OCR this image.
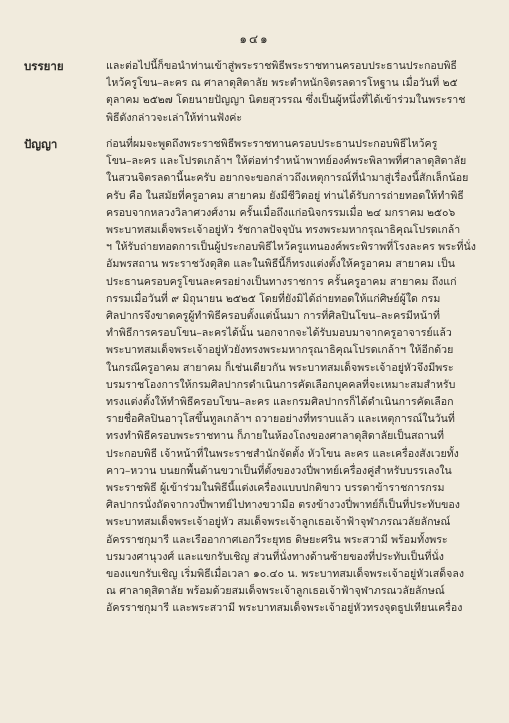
๑๔๑
บรรยาย	และต่อไปนี้ก็ขอนำท่านเข้าสู่พระราชพิธีพระราชทานครอบประธานประกอบพิธี
ไหว้ครูโขน–ละคร ณ ศาลาดุสิดาลัย พระตำหนักจิตรลดารโหฐาน เมื่อวันที่ ๒๕
ตุลาคม ๒๕๒๗ โดยนายปัญญา นิตยสุวรรณ ซึ่งเป็นผู้หนึ่งที่ได้เข้าร่วมในพระราช
พิธีดังกล่าวจะเล่าให้ท่านฟังค่ะ
ปัญญา	ก่อนที่ผมจะพูดถึงพระราชพิธีพระราชทานครอบประธานประกอบพิธีไหว้ครู
โขน–ละคร และโปรดเกล้าฯ ให้ต่อท่ารำหน้าพาทย์องค์พระพิลาพที่ศาลาดุสิดาลัย
ในสวนจิตรลดานี้นะครับ อยากจะขอกล่าวถึงเหตุการณ์ที่นำมาสู่เรื่องนี้สักเล็กน้อย
ครับ คือ ในสมัยที่ครูอาคม สายาคม ยังมีชีวิตอยู่ ท่านได้รับการถ่ายทอดให้ทำพิธี
ครอบจากหลวงวิลาศวงศ์งาม ครั้นเมื่อถึงแก่อนิจกรรมเมื่อ ๒๔ มกราคม ๒๕๐๖
พระบาทสมเด็จพระเจ้าอยู่หัว รัชกาลปัจจุบัน ทรงพระมหากรุณาธิคุณโปรดเกล้า
ฯ ให้รับถ่ายทอดการเป็นผู้ประกอบพิธีไหว้ครูแทนองค์พระพิราพที่โรงละคร พระที่นั่ง
อัมพรสถาน พระราชวังดุสิต และในพิธีนี้ก็ทรงแต่งตั้งให้ครูอาคม สายาคม เป็น
ประธานครอบครูโขนละครอย่างเป็นทางราชการ ครั้นครูอาคม สายาคม ถึงแก่
กรรมเมื่อวันที่ ๙ มิถุนายน ๒๕๒๕ โดยที่ยังมิได้ถ่ายทอดให้แก่ศิษย์ผู้ใด กรม
ศิลปากรจึงขาดครูผู้ทำพิธีครอบตั้งแต่นั้นมา การที่ศิลปินโขน–ละครมีหน้าที่
ทำพิธีการครอบโขน–ละครได้นั้น นอกจากจะได้รับมอบมาจากครูอาจารย์แล้ว
พระบาทสมเด็จพระเจ้าอยู่หัวยังทรงพระมหากรุณาธิคุณโปรดเกล้าฯ ให้อีกด้วย
ในกรณีครูอาคม สายาคม ก็เช่นเดียวกัน พระบาทสมเด็จพระเจ้าอยู่หัวจึงมีพระ
บรมราชโองการให้กรมศิลปากรดำเนินการคัดเลือกบุคคลที่จะเหมาะสมสำหรับ
ทรงแต่งตั้งให้ทำพิธีครอบโขน–ละคร และกรมศิลปากรก็ได้ดำเนินการคัดเลือก
รายชื่อศิลปินอาวุโสขึ้นทูลเกล้าฯ ถวายอย่างที่ทราบแล้ว และเหตุการณ์ในวันที่
ทรงทำพิธีครอบพระราชทาน ก็ภายในห้องโถงของศาลาดุสิดาลัยเป็นสถานที่
ประกอบพิธี เจ้าหน้าที่ในพระราชสำนักจัดตั้ง หัวโขน ละคร และเครื่องสังเวยทั้ง
คาว–หวาน บนยกพื้นด้านขวาเป็นที่ตั้งของวงปี่พาทย์เครื่องคู่สำหรับบรรเลงใน
พระราชพิธี ผู้เข้าร่วมในพิธีนี้แต่งเครื่องแบบปกติขาว บรรดาข้าราชการกรม
ศิลปากรนั่งถัดจากวงปี่พาทย์ไปทางขวามือ ตรงข้างวงปี่พาทย์ก็เป็นที่ประทับของ
พระบาทสมเด็จพระเจ้าอยู่หัว สมเด็จพระเจ้าลูกเธอเจ้าฟ้าจุฬาภรณวลัยลักษณ์
อัครราชกุมารี และเรืออากาศเอกวีระยุทธ ดิษยะศริน พระสวามี พร้อมทั้งพระ
บรมวงศานุวงศ์ และแขกรับเชิญ ส่วนที่นั่งทางด้านซ้ายของที่ประทับเป็นที่นั่ง
ของแขกรับเชิญ เริ่มพิธีเมื่อเวลา ๑๐.๔๐ น. พระบาทสมเด็จพระเจ้าอยู่หัวเสด็จลง
ณ ศาลาดุสิดาลัย พร้อมด้วยสมเด็จพระเจ้าลูกเธอเจ้าฟ้าจุฬาภรณวลัยลักษณ์
อัครราชกุมารี และพระสวามี พระบาทสมเด็จพระเจ้าอยู่หัวทรงจุดธูปเทียนเครื่อง
